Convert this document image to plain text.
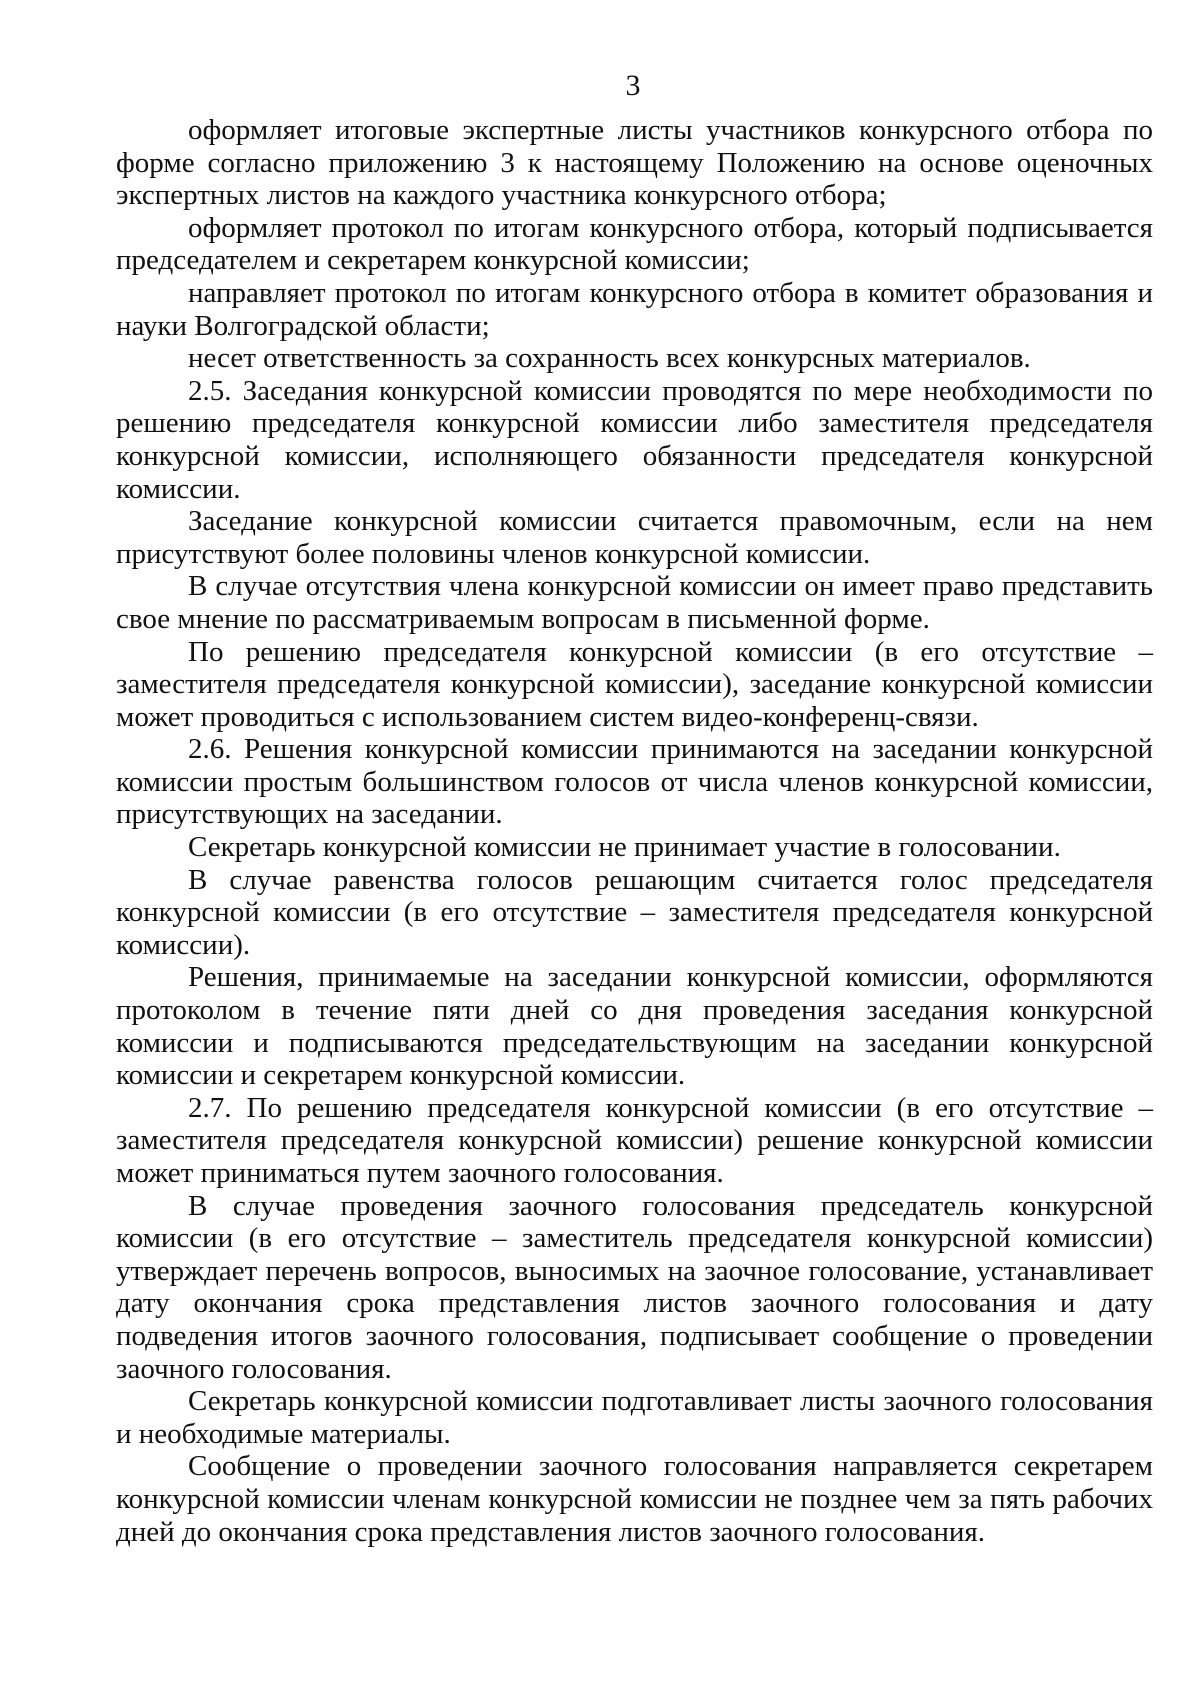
3

оформляет итоговые экспертные листы участников конкурсного отбора по форме согласно приложению 3 к настоящему Положению на основе оценочных экспертных листов на каждого участника конкурсного отбора;

оформляет протокол по итогам конкурсного отбора, который подписывается председателем и секретарем конкурсной комиссии;

направляет протокол по итогам конкурсного отбора в комитет образования и науки Волгоградской области;

несет ответственность за сохранность всех конкурсных материалов.

2.5. Заседания конкурсной комиссии проводятся по мере необходимости по решению председателя конкурсной комиссии либо заместителя председателя конкурсной комиссии, исполняющего обязанности председателя конкурсной комиссии.

Заседание конкурсной комиссии считается правомочным, если на нем присутствуют более половины членов конкурсной комиссии.

В случае отсутствия члена конкурсной комиссии он имеет право представить свое мнение по рассматриваемым вопросам в письменной форме.

По решению председателя конкурсной комиссии (в его отсутствие – заместителя председателя конкурсной комиссии), заседание конкурсной комиссии может проводиться с использованием систем видео-конференц-связи.

2.6. Решения конкурсной комиссии принимаются на заседании конкурсной комиссии простым большинством голосов от числа членов конкурсной комиссии, присутствующих на заседании.

Секретарь конкурсной комиссии не принимает участие в голосовании.

В случае равенства голосов решающим считается голос председателя конкурсной комиссии (в его отсутствие – заместителя председателя конкурсной комиссии).

Решения, принимаемые на заседании конкурсной комиссии, оформляются протоколом в течение пяти дней со дня проведения заседания конкурсной комиссии и подписываются председательствующим на заседании конкурсной комиссии и секретарем конкурсной комиссии.

2.7. По решению председателя конкурсной комиссии (в его отсутствие – заместителя председателя конкурсной комиссии) решение конкурсной комиссии может приниматься путем заочного голосования.

В случае проведения заочного голосования председатель конкурсной комиссии (в его отсутствие – заместитель председателя конкурсной комиссии) утверждает перечень вопросов, выносимых на заочное голосование, устанавливает дату окончания срока представления листов заочного голосования и дату подведения итогов заочного голосования, подписывает сообщение о проведении заочного голосования.

Секретарь конкурсной комиссии подготавливает листы заочного голосования и необходимые материалы.

Сообщение о проведении заочного голосования направляется секретарем конкурсной комиссии членам конкурсной комиссии не позднее чем за пять рабочих дней до окончания срока представления листов заочного голосования.
